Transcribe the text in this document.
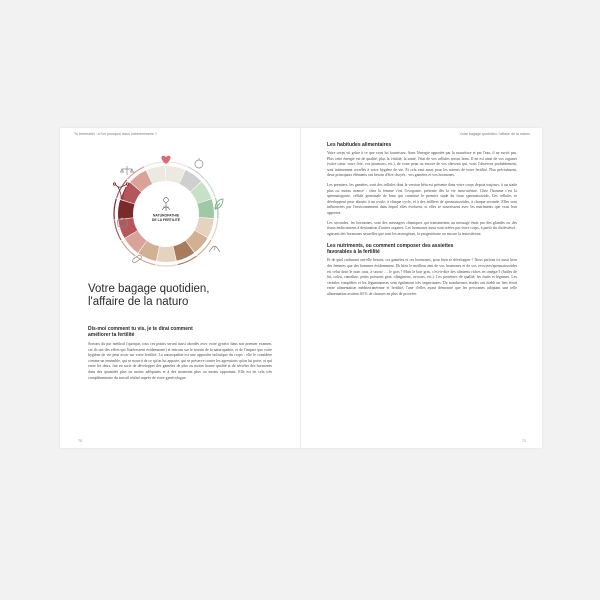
Tu trimestriel : à l'on pourquoi dans votrereminerie ?
NATUROPATHIE
DE LA FERTILITÉ
Votre bagage quotidien,
l'affaire de la naturo
Dis-moi comment tu vis, je te dirai comment
améliorer ta fertilité

Sortons du pur médical (quoique, tous ces points seront aussi abordés avec votre gynéco dans son premier examen, car ils ont des effets qui l'intéressent évidemment) et entrons sur le terrain de la naturopathie, et de l'impact que votre hygiène de vie peut avoir sur votre fertilité. La naturopathie est une approche holistique du corps : elle le considère comme un ensemble, qui se nourrit de ce qu'on lui apporte, qui se préserve contre les agressions qu'on lui porte, et qui entre les deux, fait en sorte de développer des gamètes de plus ou moins bonne qualité et de sécréter des hormones dans des quantités plus ou moins adéquates et à des moments plus ou moins opportuns. Elle est en cela très complémentaire du travail réalisé auprès de votre gynécologue.

70
Votre bagage quotidien, l'affaire de la naturo
Les habitudes alimentaires

Votre corps vit grâce à ce que vous lui fournissez. Sans l'énergie apportée par la nourriture et par l'eau, il ne survit pas. Plus cette énergie est de qualité, plus la vitalité, la santé, l'état de vos cellules seront bons. Il en est ainsi de vos organes (votre cœur, votre foie, vos poumons, etc.), de votre peau ou encore de vos cheveux qui, vous l'observez probablement, sont intimement corrélés à votre hygiène de vie. Et cela vaut aussi pour les acteurs de votre fertilité. Plus précisément, deux principaux éléments ont besoin d'être choyés : vos gamètes et vos hormones.

Les premiers, les gamètes, sont des cellules dont la version bêta est présente dans votre corps depuis toujours, à un stade plus ou moins avancé : chez la femme c'est l'ovogonie, présente dès la vie intra-utérine. Chez l'homme c'est la spermatogonie, cellule germinale de base qui constitue le premier stade du futur spermatozoïde. Ces cellules se développent pour aboutir à un ovule, à chaque cycle, et à des milliers de spermatozoïdes, à chaque seconde. Elles sont influencées par l'environnement dans lequel elles évoluent, et elles se nourrissent avec les nutriments que vous leur apportez.

Les secondes, les hormones, sont des messagers chimiques qui transmettent un message émis par des glandes ou des tissus endocriniens à destination d'autres organes. Les hormones aussi sont créées par votre corps, à partir du cholestérol : agissent des hormones sexuelles que sont les œstrogènes, la progestérone ou encore la testostérone.

Les nutriments, ou comment composer des assiettes
favorables à la fertilité

Et de quel carburant ont-elle besoin, ces gamètes et ces hormones, pour bien se développer ? Nous parlons ici aussi bien des femmes que des hommes évidemment. Eh bien le meilleur ami de vos hormones et de vos ovocytes/spermatozoïdes est celui dont le nom tous, à savoir … le gras ! Mais le bon gras, c'est-à-dire des aliments riches en oméga-3 (huiles de lin, colza, cameline, petits poissons gras, oléagineux, avocats, etc.). Les protéines de qualité, les fruits et légumes. Les céréales complètes et les légumineuses sont également très importantes. De nombreuses études ont établi un lien étroit entre alimentation méditerranéenne et fertilité, l'une d'elles ayant démontré que les personnes adoptant une telle alimentation avaient 40 % de chances en plus de procréer.

71
